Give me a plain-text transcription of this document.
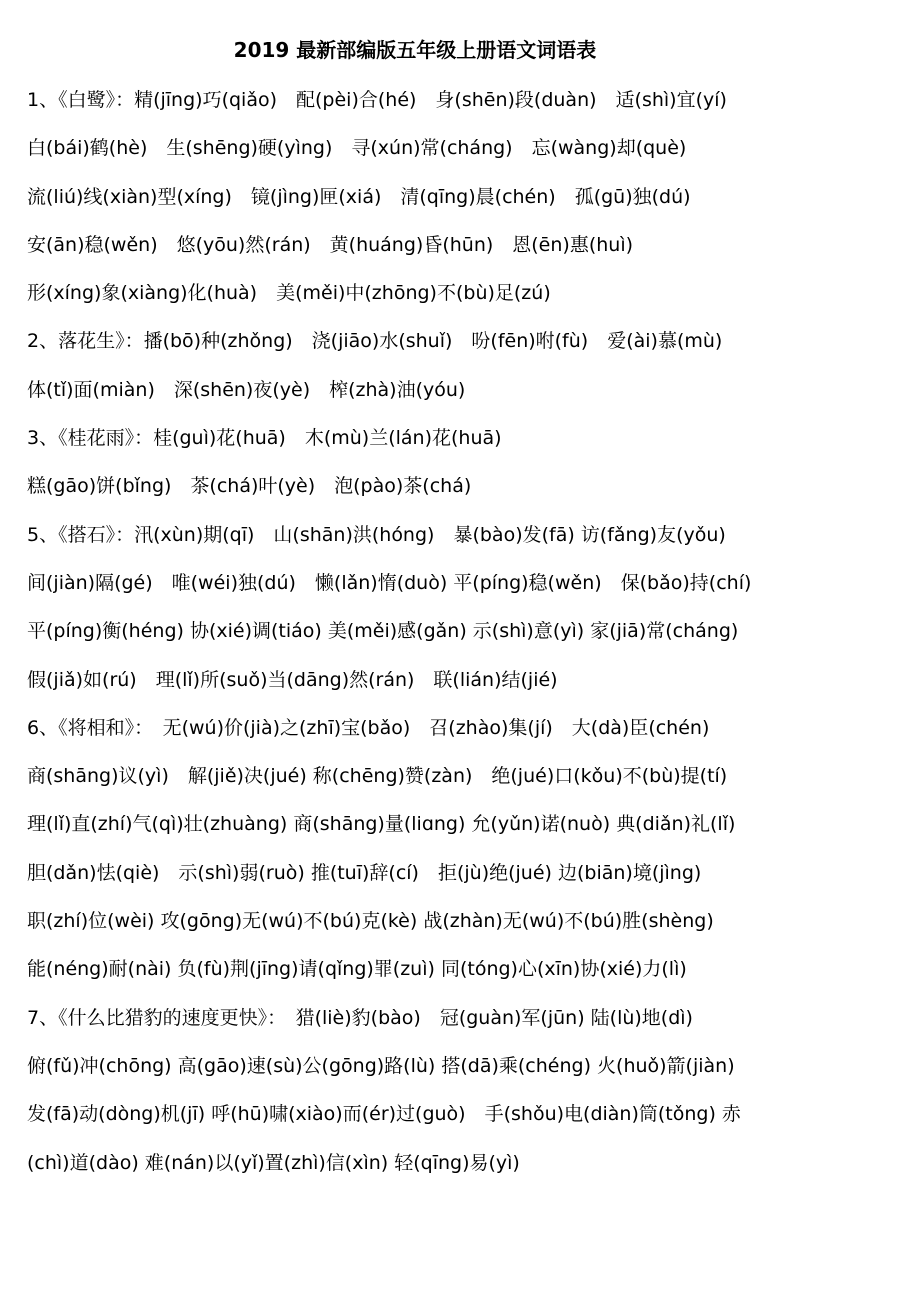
2019 最新部编版五年级上册语文词语表
1、《白鹭》：精(jīng)巧(qiǎo)　配(pèi)合(hé)　身(shēn)段(duàn)　适(shì)宜(yí)
白(bái)鹤(hè)　生(shēng)硬(yìng)　寻(xún)常(cháng)　忘(wàng)却(què)
流(liú)线(xiàn)型(xíng)　镜(jìng)匣(xiá)　清(qīng)晨(chén)　孤(gū)独(dú)
安(ān)稳(wěn)　悠(yōu)然(rán)　黄(huáng)昏(hūn)　恩(ēn)惠(huì)
形(xíng)象(xiàng)化(huà)　美(měi)中(zhōng)不(bù)足(zú)
2、落花生》：播(bō)种(zhǒng)　浇(jiāo)水(shuǐ)　吩(fēn)咐(fù)　爱(ài)慕(mù)
体(tǐ)面(miàn)　深(shēn)夜(yè)　榨(zhà)油(yóu)
3、《桂花雨》：桂(guì)花(huā)　木(mù)兰(lán)花(huā)
糕(gāo)饼(bǐng)　茶(chá)叶(yè)　泡(pào)茶(chá)
5、《搭石》：汛(xùn)期(qī)　山(shān)洪(hóng)　暴(bào)发(fā) 访(fǎng)友(yǒu)
间(jiàn)隔(gé)　唯(wéi)独(dú)　懒(lǎn)惰(duò) 平(píng)稳(wěn)　保(bǎo)持(chí)
平(píng)衡(héng) 协(xié)调(tiáo) 美(měi)感(gǎn) 示(shì)意(yì) 家(jiā)常(cháng)
假(jiǎ)如(rú)　理(lǐ)所(suǒ)当(dāng)然(rán)　联(lián)结(jié)
6、《将相和》：　无(wú)价(jià)之(zhī)宝(bǎo)　召(zhào)集(jí)　大(dà)臣(chén)
商(shāng)议(yì)　解(jiě)决(jué) 称(chēng)赞(zàn)　绝(jué)口(kǒu)不(bù)提(tí)
理(lǐ)直(zhí)气(qì)壮(zhuàng) 商(shāng)量(liɑng) 允(yǔn)诺(nuò) 典(diǎn)礼(lǐ)
胆(dǎn)怯(qiè)　示(shì)弱(ruò) 推(tuī)辞(cí)　拒(jù)绝(jué) 边(biān)境(jìng)
职(zhí)位(wèi) 攻(gōng)无(wú)不(bú)克(kè) 战(zhàn)无(wú)不(bú)胜(shèng)
能(néng)耐(nài) 负(fù)荆(jīng)请(qǐng)罪(zuì) 同(tóng)心(xīn)协(xié)力(lì)
7、《什么比猎豹的速度更快》：　猎(liè)豹(bào)　冠(guàn)军(jūn) 陆(lù)地(dì)
俯(fǔ)冲(chōng) 高(gāo)速(sù)公(gōng)路(lù) 搭(dā)乘(chéng) 火(huǒ)箭(jiàn)
发(fā)动(dòng)机(jī) 呼(hū)啸(xiào)而(ér)过(guò)　手(shǒu)电(diàn)筒(tǒng) 赤
(chì)道(dào) 难(nán)以(yǐ)置(zhì)信(xìn) 轻(qīng)易(yì)
